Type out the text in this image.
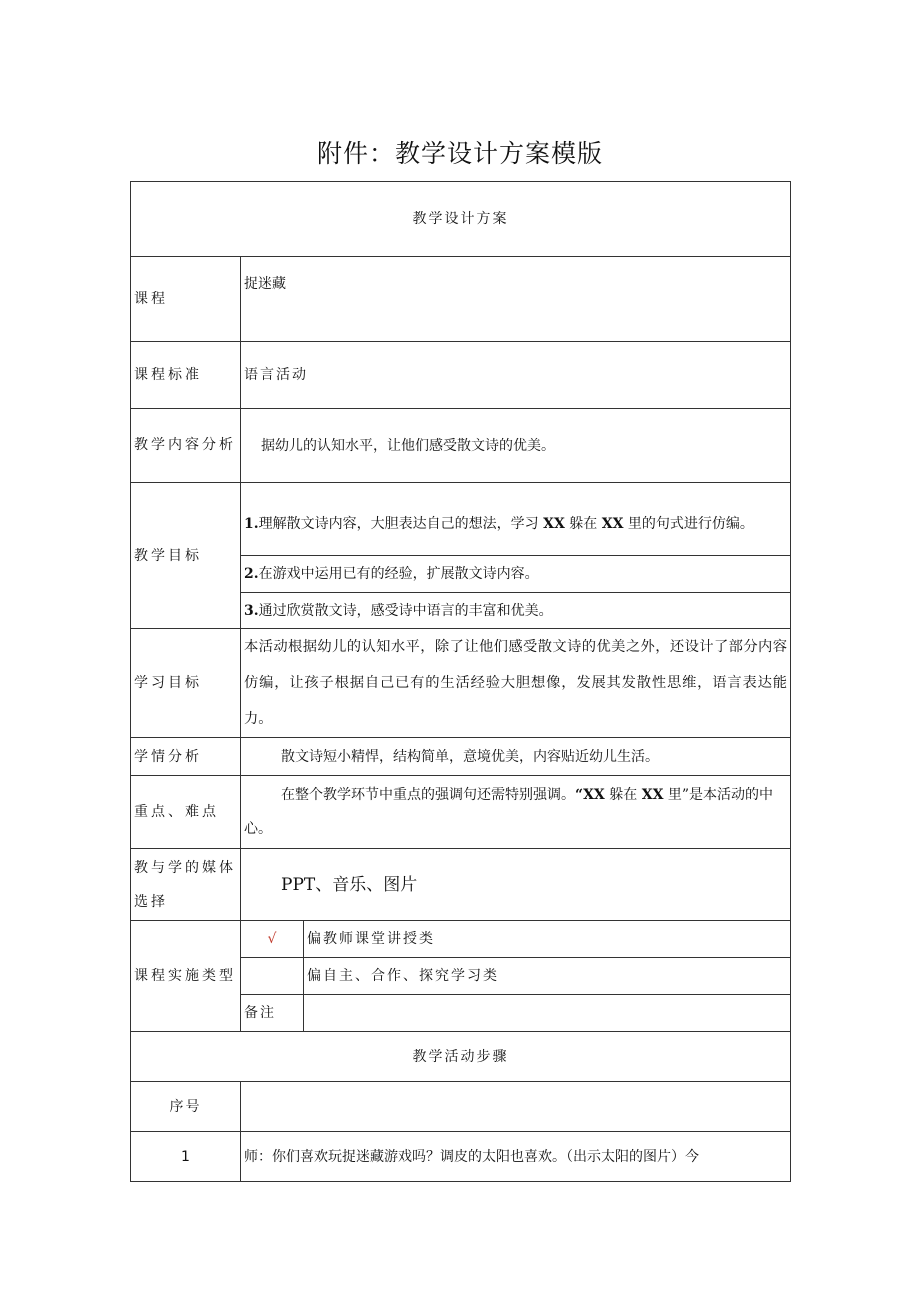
附件：教学设计方案模版
教学设计方案		
课程	捉迷藏	
课程标准	语言活动	
教学内容分析	据幼儿的认知水平，让他们感受散文诗的优美。	
教学目标	1.理解散文诗内容，大胆表达自己的想法，学习 XX 躲在 XX 里的句式进行仿编。	
	2.在游戏中运用已有的经验，扩展散文诗内容。	
	3.通过欣赏散文诗，感受诗中语言的丰富和优美。	
学习目标	本活动根据幼儿的认知水平，除了让他们感受散文诗的优美之外，还设计了部分内容仿编，让孩子根据自己已有的生活经验大胆想像，发展其发散性思维，语言表达能力。	
学情分析	散文诗短小精悍，结构简单，意境优美，内容贴近幼儿生活。	
重点、难点	在整个教学环节中重点的强调句还需特别强调。“XX 躲在 XX 里”是本活动的中心。	
教与学的媒体选择	PPT、音乐、图片	
课程实施类型	√	偏教师课堂讲授类
		偏自主、合作、探究学习类
	备注	
教学活动步骤		
序号		
1	师：你们喜欢玩捉迷藏游戏吗？调皮的太阳也喜欢。（出示太阳的图片）今	
